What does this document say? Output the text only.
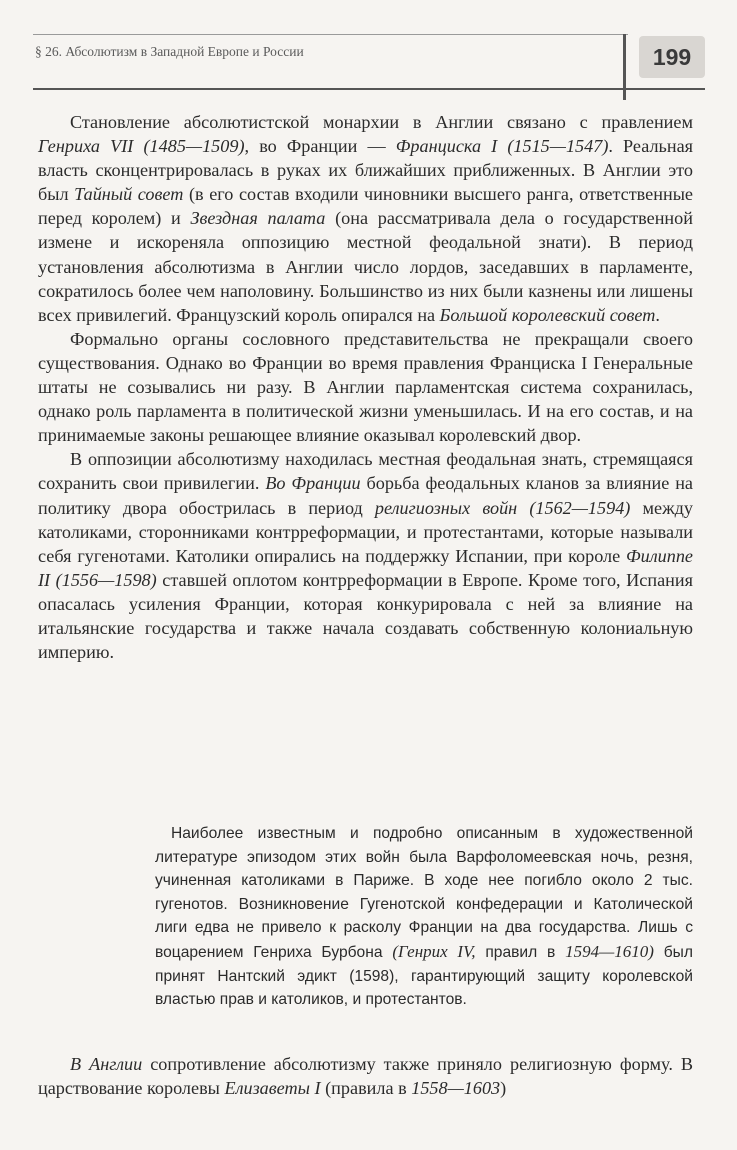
§ 26. Абсолютизм в Западной Европе и России	199

Становление абсолютистской монархии в Англии связано с правлением Генриха VII (1485—1509), во Франции — Франциска I (1515—1547). Реальная власть сконцентрировалась в руках их ближайших приближенных. В Англии это был Тайный совет (в его состав входили чиновники высшего ранга, ответственные перед королем) и Звездная палата (она рассматривала дела о государственной измене и искореняла оппозицию местной феодальной знати). В период установления абсолютизма в Англии число лордов, заседавших в парламенте, сократилось более чем наполовину. Большинство из них были казнены или лишены всех привилегий. Французский король опирался на Большой королевский совет.

Формально органы сословного представительства не прекращали своего существования. Однако во Франции во время правления Франциска I Генеральные штаты не созывались ни разу. В Англии парламентская система сохранилась, однако роль парламента в политической жизни уменьшилась. И на его состав, и на принимаемые законы решающее влияние оказывал королевский двор.

В оппозиции абсолютизму находилась местная феодальная знать, стремящаяся сохранить свои привилегии. Во Франции борьба феодальных кланов за влияние на политику двора обострилась в период религиозных войн (1562—1594) между католиками, сторонниками контрреформации, и протестантами, которые называли себя гугенотами. Католики опирались на поддержку Испании, при короле Филиппе II (1556—1598) ставшей оплотом контрреформации в Европе. Кроме того, Испания опасалась усиления Франции, которая конкурировала с ней за влияние на итальянские государства и также начала создавать собственную колониальную империю.

Наиболее известным и подробно описанным в художественной литературе эпизодом этих войн была Варфоломеевская ночь, резня, учиненная католиками в Париже. В ходе нее погибло около 2 тыс. гугенотов. Возникновение Гугенотской конфедерации и Католической лиги едва не привело к расколу Франции на два государства. Лишь с воцарением Генриха Бурбона (Генрих IV, правил в 1594—1610) был принят Нантский эдикт (1598), гарантирующий защиту королевской властью прав и католиков, и протестантов.

В Англии сопротивление абсолютизму также приняло религиозную форму. В царствование королевы Елизаветы I (правила в 1558—1603)
